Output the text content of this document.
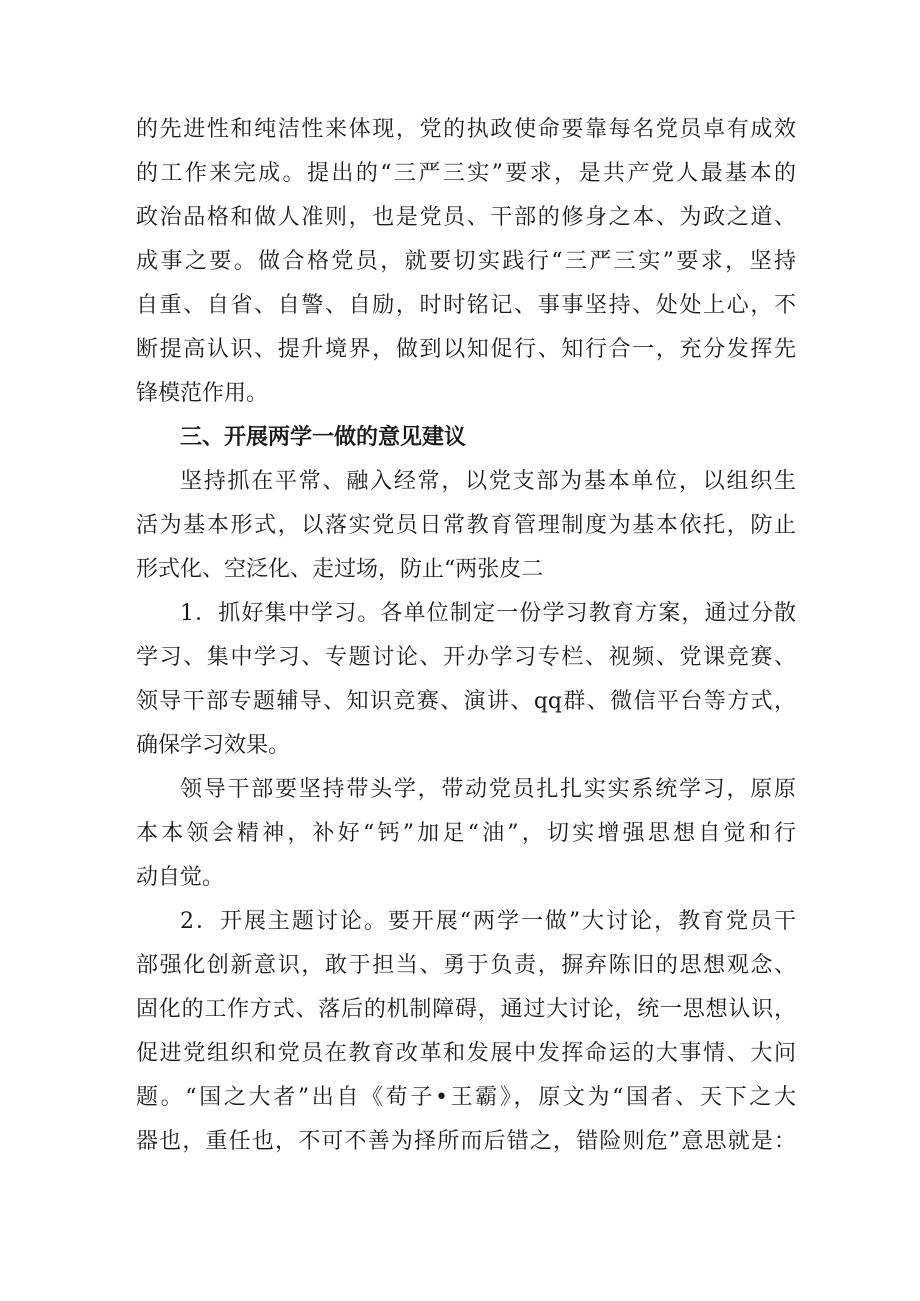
的先进性和纯洁性来体现，党的执政使命要靠每名党员卓有成效
的工作来完成。提出的“三严三实”要求，是共产党人最基本的
政治品格和做人准则，也是党员、干部的修身之本、为政之道、
成事之要。做合格党员，就要切实践行“三严三实”要求，坚持
自重、自省、自警、自励，时时铭记、事事坚持、处处上心，不
断提高认识、提升境界，做到以知促行、知行合一，充分发挥先
锋模范作用。
三、开展两学一做的意见建议
坚持抓在平常、融入经常，以党支部为基本单位，以组织生
活为基本形式，以落实党员日常教育管理制度为基本依托，防止
形式化、空泛化、走过场，防止“两张皮二
1．抓好集中学习。各单位制定一份学习教育方案，通过分散
学习、集中学习、专题讨论、开办学习专栏、视频、党课竞赛、
领导干部专题辅导、知识竞赛、演讲、qq群、微信平台等方式，
确保学习效果。
领导干部要坚持带头学，带动党员扎扎实实系统学习，原原
本本领会精神，补好“钙”加足“油”，切实增强思想自觉和行
动自觉。
2．开展主题讨论。要开展“两学一做”大讨论，教育党员干
部强化创新意识，敢于担当、勇于负责，摒弃陈旧的思想观念、
固化的工作方式、落后的机制障碍，通过大讨论，统一思想认识，
促进党组织和党员在教育改革和发展中发挥命运的大事情、大问
题。“国之大者”出自《荀子•王霸》，原文为“国者、天下之大
器也，重任也，不可不善为择所而后错之，错险则危”意思就是：
